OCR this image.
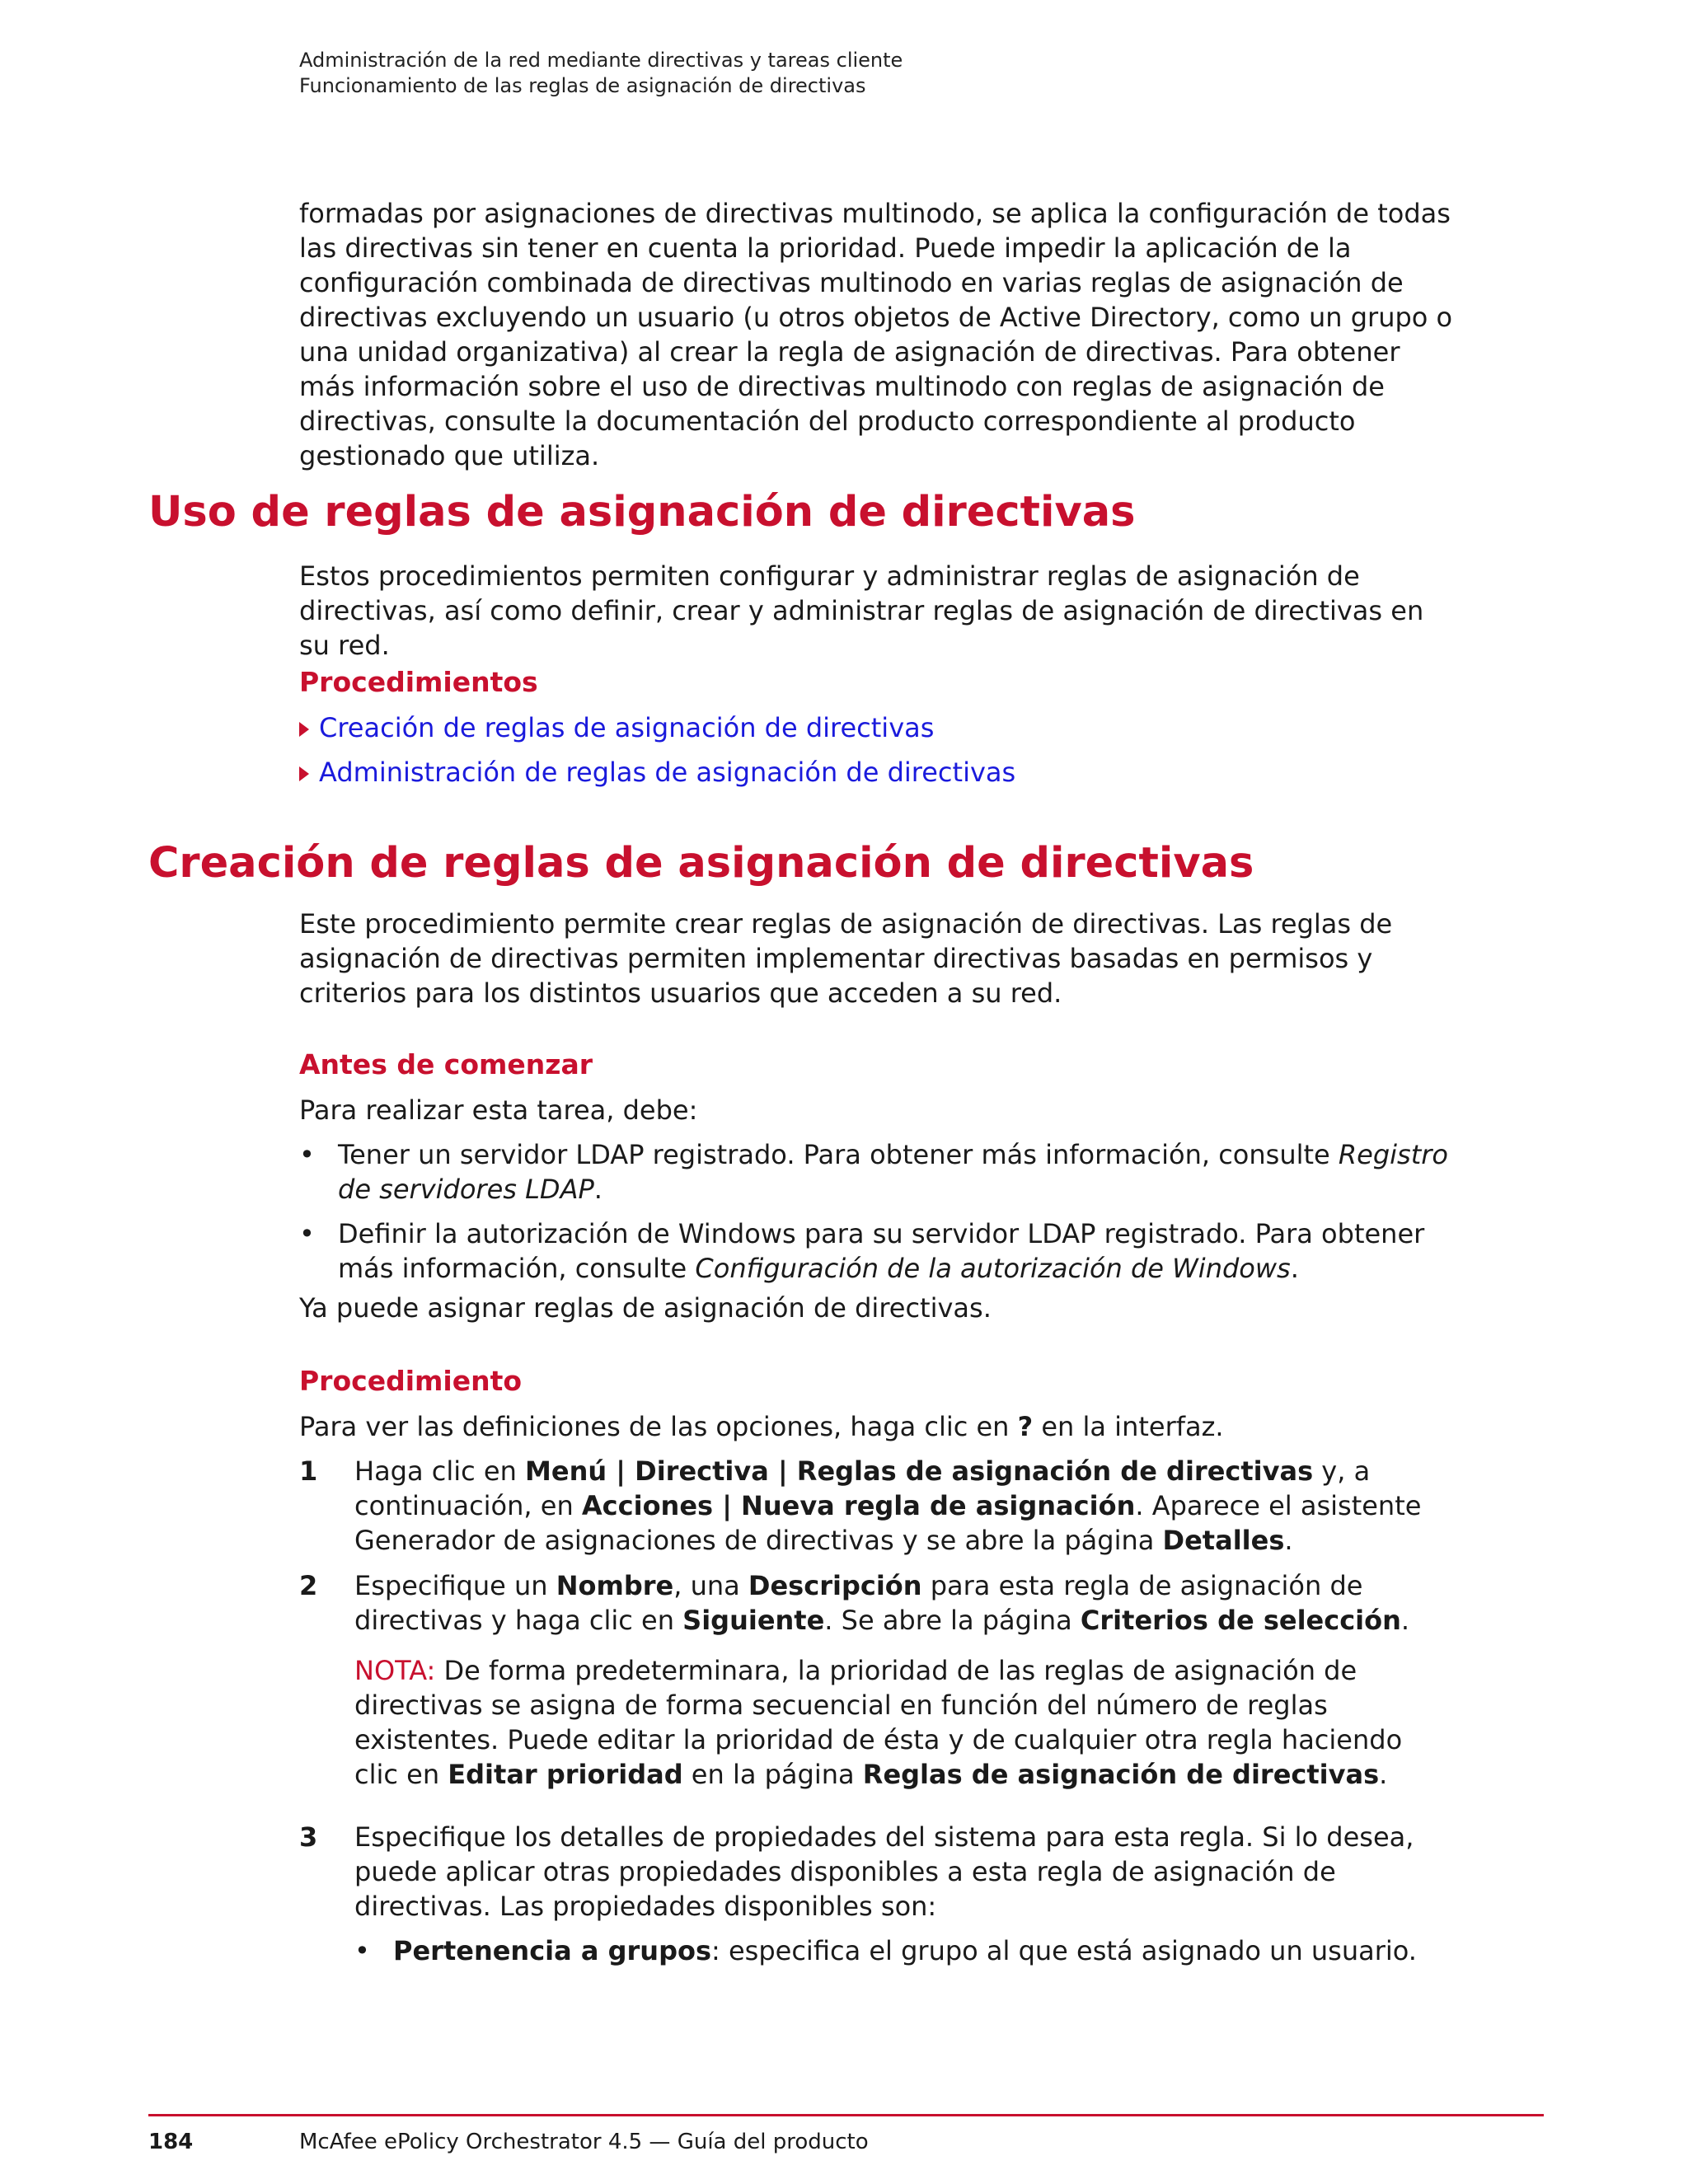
Administración de la red mediante directivas y tareas cliente
Funcionamiento de las reglas de asignación de directivas
formadas por asignaciones de directivas multinodo, se aplica la configuración de todas las directivas sin tener en cuenta la prioridad. Puede impedir la aplicación de la configuración combinada de directivas multinodo en varias reglas de asignación de directivas excluyendo un usuario (u otros objetos de Active Directory, como un grupo o una unidad organizativa) al crear la regla de asignación de directivas. Para obtener más información sobre el uso de directivas multinodo con reglas de asignación de directivas, consulte la documentación del producto correspondiente al producto gestionado que utiliza.
Uso de reglas de asignación de directivas
Estos procedimientos permiten configurar y administrar reglas de asignación de directivas, así como definir, crear y administrar reglas de asignación de directivas en su red.
Procedimientos
Creación de reglas de asignación de directivas
Administración de reglas de asignación de directivas
Creación de reglas de asignación de directivas
Este procedimiento permite crear reglas de asignación de directivas. Las reglas de asignación de directivas permiten implementar directivas basadas en permisos y criterios para los distintos usuarios que acceden a su red.
Antes de comenzar
Para realizar esta tarea, debe:
• Tener un servidor LDAP registrado. Para obtener más información, consulte Registro de servidores LDAP.
• Definir la autorización de Windows para su servidor LDAP registrado. Para obtener más información, consulte Configuración de la autorización de Windows.
Ya puede asignar reglas de asignación de directivas.
Procedimiento
Para ver las definiciones de las opciones, haga clic en ? en la interfaz.
1 Haga clic en Menú | Directiva | Reglas de asignación de directivas y, a continuación, en Acciones | Nueva regla de asignación. Aparece el asistente Generador de asignaciones de directivas y se abre la página Detalles.
2 Especifique un Nombre, una Descripción para esta regla de asignación de directivas y haga clic en Siguiente. Se abre la página Criterios de selección.
NOTA: De forma predeterminara, la prioridad de las reglas de asignación de directivas se asigna de forma secuencial en función del número de reglas existentes. Puede editar la prioridad de ésta y de cualquier otra regla haciendo clic en Editar prioridad en la página Reglas de asignación de directivas.
3 Especifique los detalles de propiedades del sistema para esta regla. Si lo desea, puede aplicar otras propiedades disponibles a esta regla de asignación de directivas. Las propiedades disponibles son:
• Pertenencia a grupos: especifica el grupo al que está asignado un usuario.
184	McAfee ePolicy Orchestrator 4.5 — Guía del producto
